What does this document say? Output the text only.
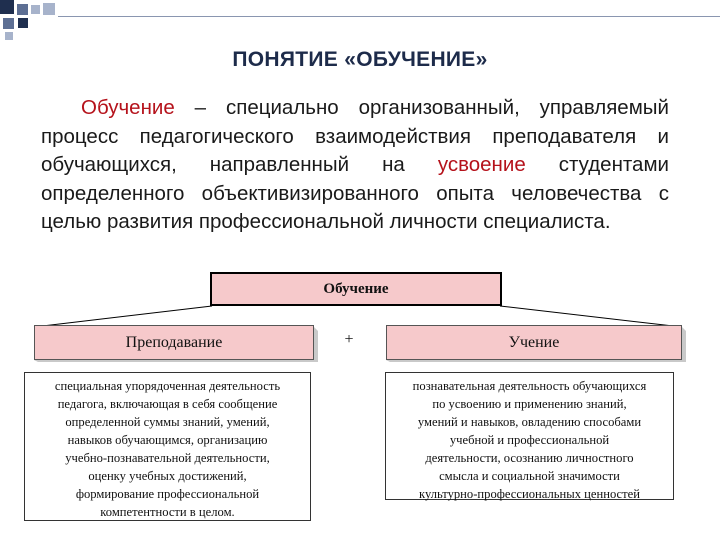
ПОНЯТИЕ «ОБУЧЕНИЕ»

Обучение – специально организованный, управляемый процесс педагогического взаимодействия преподавателя и обучающихся, направленный на усвоение студентами определенного объективизированного опыта человечества с целью развития профессиональной личности специалиста.

Обучение
Преподавание	+	Учение
специальная упорядоченная деятельность
педагога, включающая в себя сообщение
определенной суммы знаний, умений,
навыков обучающимся, организацию
учебно-познавательной деятельности,
оценку учебных достижений,
формирование профессиональной
компетентности в целом.
познавательная деятельность обучающихся
по усвоению и применению знаний,
умений и навыков, овладению способами
учебной и профессиональной
деятельности, осознанию личностного
смысла и социальной значимости
культурно-профессиональных ценностей
